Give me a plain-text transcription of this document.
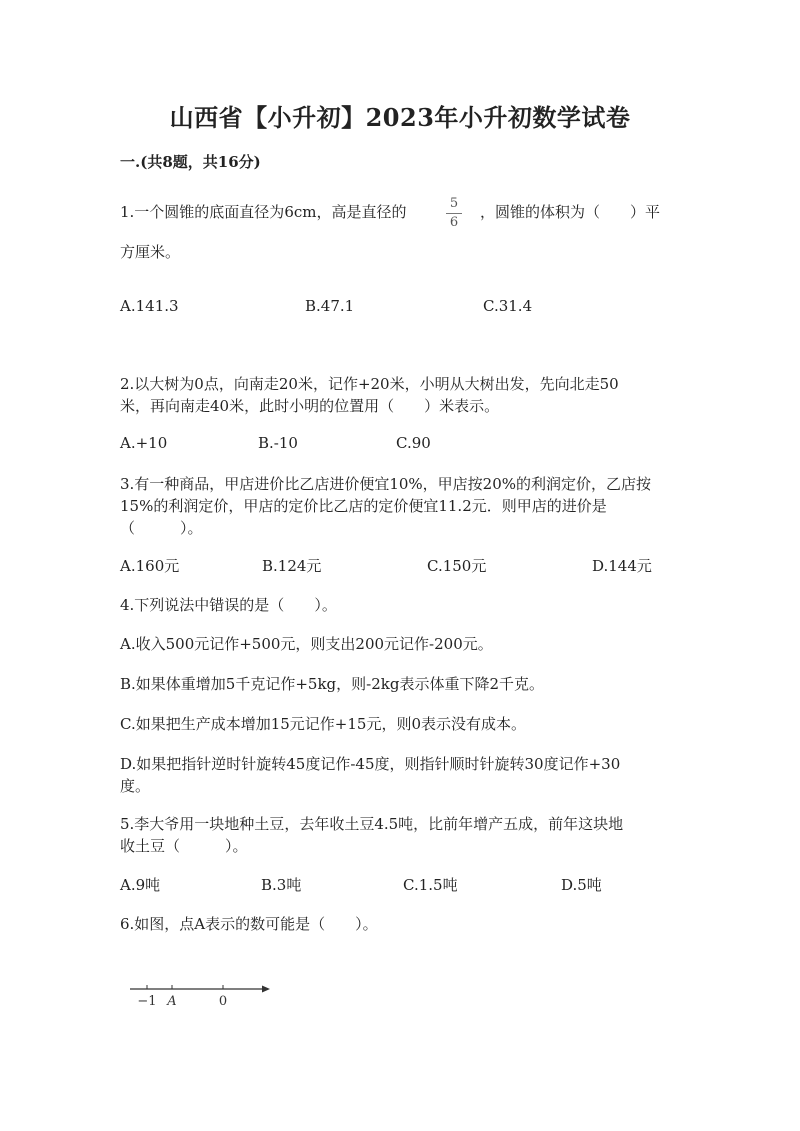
山西省【小升初】2023年小升初数学试卷
一.(共8题，共16分)
1.一个圆锥的底面直径为6cm，高是直径的	5
6
，圆锥的体积为（　　）平
方厘米。
A.141.3	B.47.1	C.31.4
2.以大树为0点，向南走20米，记作+20米，小明从大树出发，先向北走50
米，再向南走40米，此时小明的位置用（　　）米表示。
A.+10	B.-10	C.90
3.有一种商品，甲店进价比乙店进价便宜10%，甲店按20%的利润定价，乙店按
15%的利润定价，甲店的定价比乙店的定价便宜11.2元．则甲店的进价是
（　　　）。
A.160元	B.124元	C.150元	D.144元
4.下列说法中错误的是（　　）。
A.收入500元记作+500元，则支出200元记作-200元。
B.如果体重增加5千克记作+5kg，则-2kg表示体重下降2千克。
C.如果把生产成本增加15元记作+15元，则0表示没有成本。
D.如果把指针逆时针旋转45度记作-45度，则指针顺时针旋转30度记作+30
度。
5.李大爷用一块地种土豆，去年收土豆4.5吨，比前年增产五成，前年这块地
收土豆（　　　）。
A.9吨	B.3吨	C.1.5吨	D.5吨
6.如图，点A表示的数可能是（　　）。
−1 A	0
